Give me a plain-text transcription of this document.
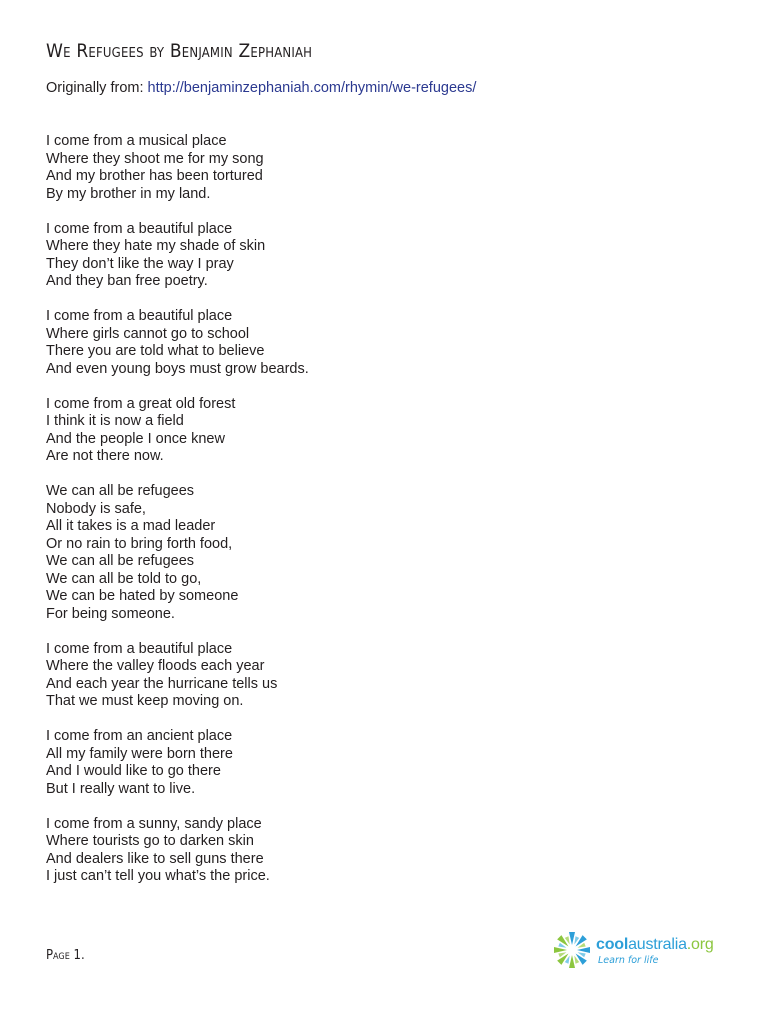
We Refugees by Benjamin Zephaniah
Originally from: http://benjaminzephaniah.com/rhymin/we-refugees/
I come from a musical place
Where they shoot me for my song
And my brother has been tortured
By my brother in my land.
I come from a beautiful place
Where they hate my shade of skin
They don’t like the way I pray
And they ban free poetry.
I come from a beautiful place
Where girls cannot go to school
There you are told what to believe
And even young boys must grow beards.
I come from a great old forest
I think it is now a field
And the people I once knew
Are not there now.
We can all be refugees
Nobody is safe,
All it takes is a mad leader
Or no rain to bring forth food,
We can all be refugees
We can all be told to go,
We can be hated by someone
For being someone.
I come from a beautiful place
Where the valley floods each year
And each year the hurricane tells us
That we must keep moving on.
I come from an ancient place
All my family were born there
And I would like to go there
But I really want to live.
I come from a sunny, sandy place
Where tourists go to darken skin
And dealers like to sell guns there
I just can’t tell you what’s the price.
Page 1.
coolaustralia.org
Learn for life
